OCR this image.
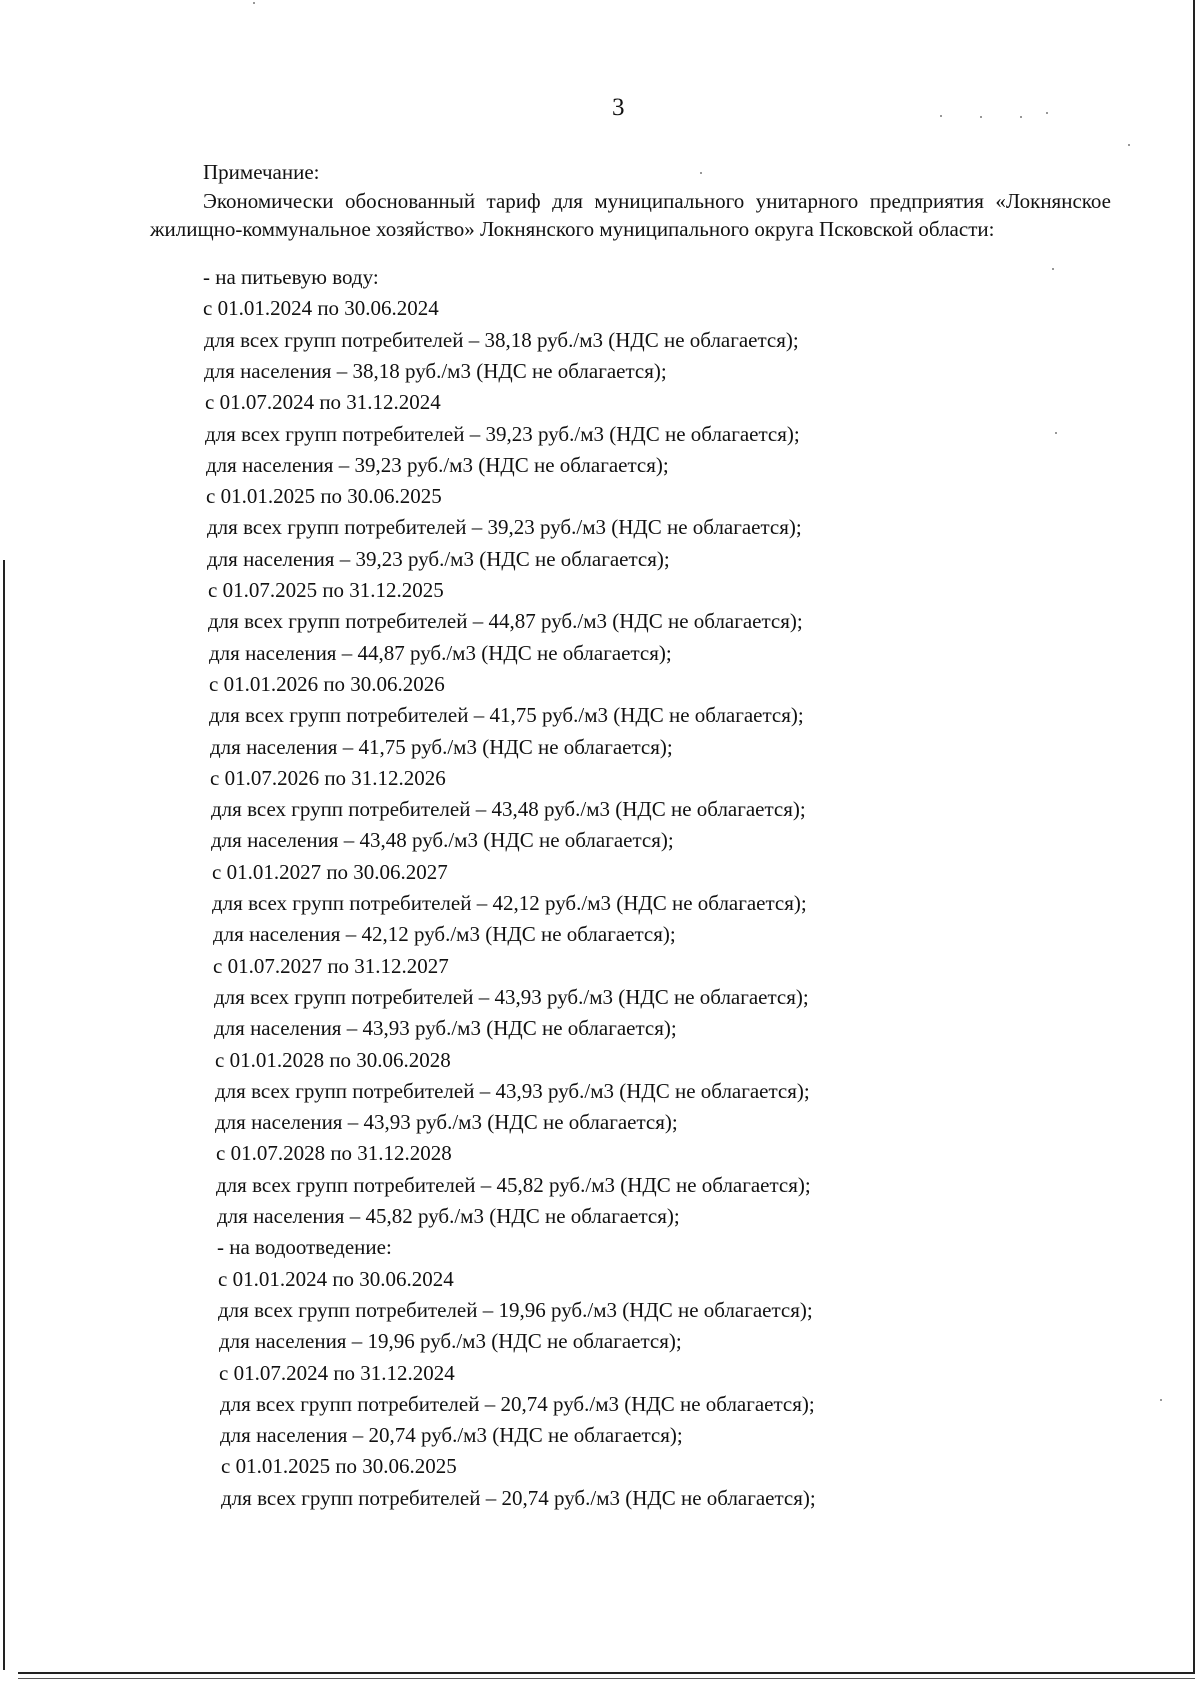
3
Примечание:
Экономически обоснованный тариф для муниципального унитарного предприятия «Локнянское жилищно-коммунальное хозяйство» Локнянского муниципального округа Псковской области:
- на питьевую воду:
с 01.01.2024 по 30.06.2024
для всех групп потребителей – 38,18 руб./м3 (НДС не облагается);
для населения – 38,18 руб./м3 (НДС не облагается);
с 01.07.2024 по 31.12.2024
для всех групп потребителей – 39,23 руб./м3 (НДС не облагается);
для населения – 39,23 руб./м3 (НДС не облагается);
с 01.01.2025 по 30.06.2025
для всех групп потребителей – 39,23 руб./м3 (НДС не облагается);
для населения – 39,23 руб./м3 (НДС не облагается);
с 01.07.2025 по 31.12.2025
для всех групп потребителей – 44,87 руб./м3 (НДС не облагается);
для населения – 44,87 руб./м3 (НДС не облагается);
с 01.01.2026 по 30.06.2026
для всех групп потребителей – 41,75 руб./м3 (НДС не облагается);
для населения – 41,75 руб./м3 (НДС не облагается);
с 01.07.2026 по 31.12.2026
для всех групп потребителей – 43,48 руб./м3 (НДС не облагается);
для населения – 43,48 руб./м3 (НДС не облагается);
с 01.01.2027 по 30.06.2027
для всех групп потребителей – 42,12 руб./м3 (НДС не облагается);
для населения – 42,12 руб./м3 (НДС не облагается);
с 01.07.2027 по 31.12.2027
для всех групп потребителей – 43,93 руб./м3 (НДС не облагается);
для населения – 43,93 руб./м3 (НДС не облагается);
с 01.01.2028 по 30.06.2028
для всех групп потребителей – 43,93 руб./м3 (НДС не облагается);
для населения – 43,93 руб./м3 (НДС не облагается);
с 01.07.2028 по 31.12.2028
для всех групп потребителей – 45,82 руб./м3 (НДС не облагается);
для населения – 45,82 руб./м3 (НДС не облагается);
- на водоотведение:
с 01.01.2024 по 30.06.2024
для всех групп потребителей – 19,96 руб./м3 (НДС не облагается);
для населения – 19,96 руб./м3 (НДС не облагается);
с 01.07.2024 по 31.12.2024
для всех групп потребителей – 20,74 руб./м3 (НДС не облагается);
для населения – 20,74 руб./м3 (НДС не облагается);
с 01.01.2025 по 30.06.2025
для всех групп потребителей – 20,74 руб./м3 (НДС не облагается);
